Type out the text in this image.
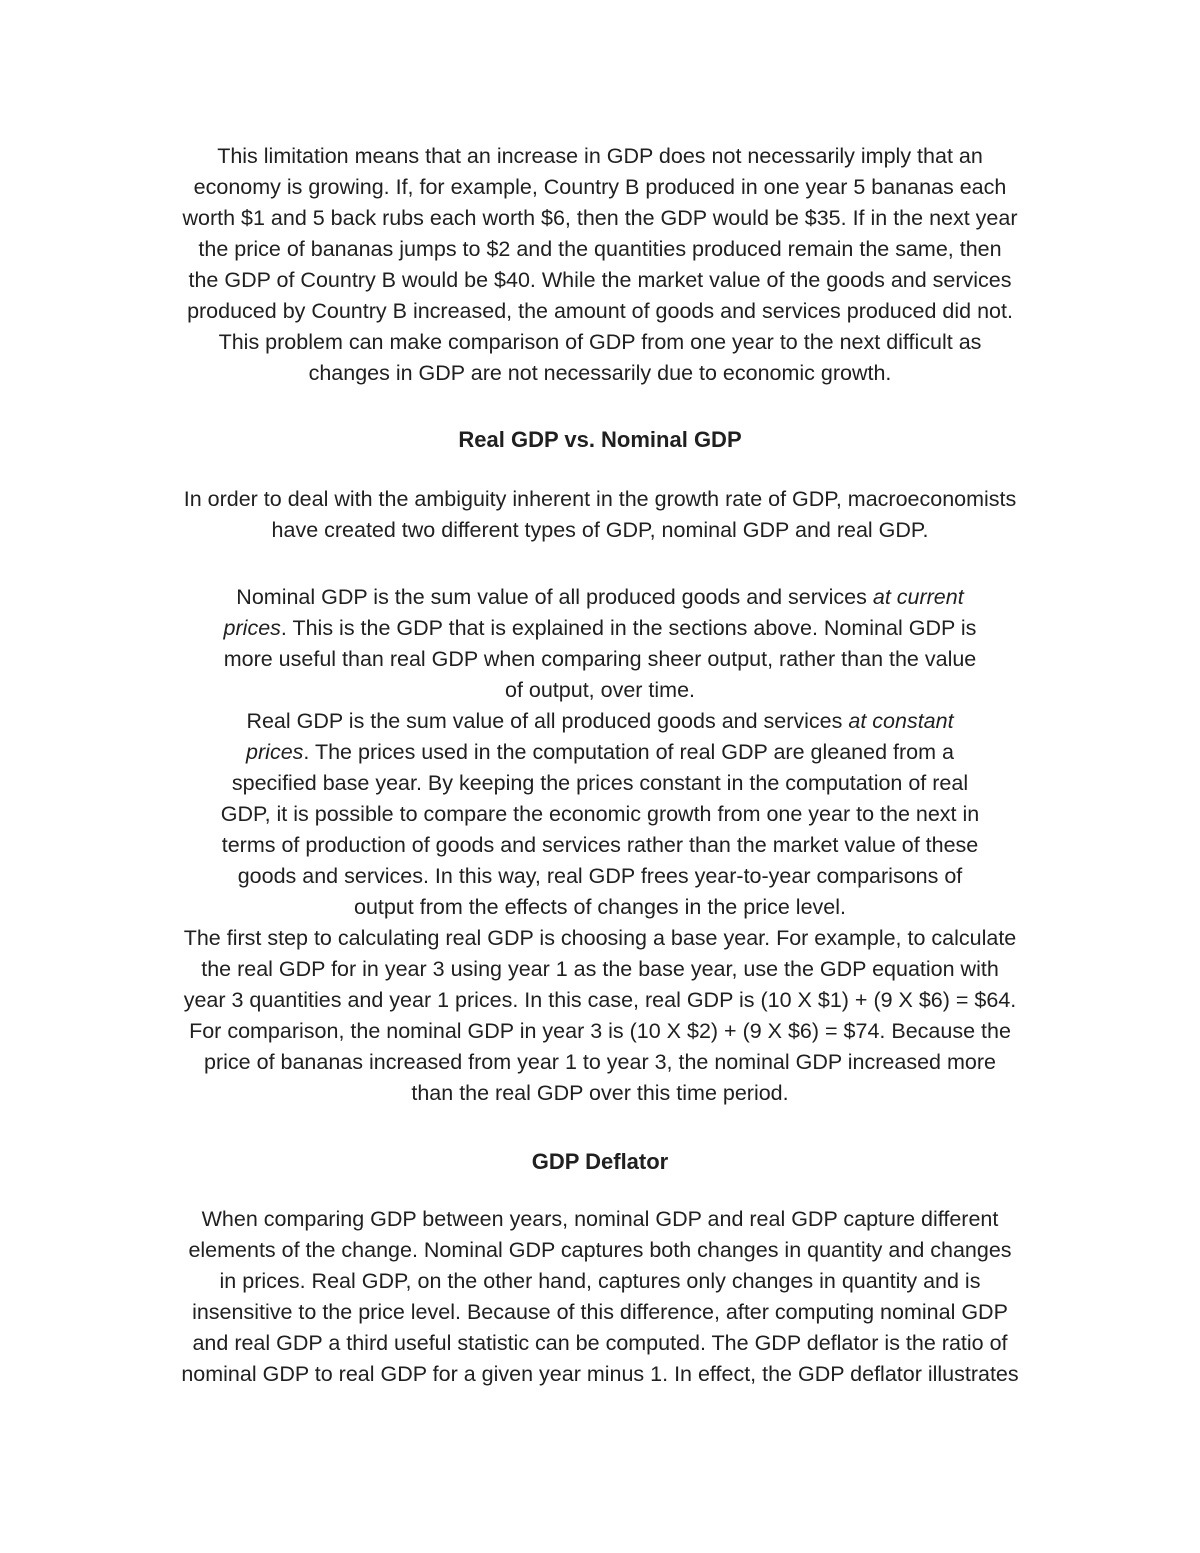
This limitation means that an increase in GDP does not necessarily imply that an
economy is growing. If, for example, Country B produced in one year 5 bananas each
worth $1 and 5 back rubs each worth $6, then the GDP would be $35. If in the next year
the price of bananas jumps to $2 and the quantities produced remain the same, then
the GDP of Country B would be $40. While the market value of the goods and services
produced by Country B increased, the amount of goods and services produced did not.
This problem can make comparison of GDP from one year to the next difficult as
changes in GDP are not necessarily due to economic growth.
Real GDP vs. Nominal GDP
In order to deal with the ambiguity inherent in the growth rate of GDP, macroeconomists
have created two different types of GDP, nominal GDP and real GDP.
Nominal GDP is the sum value of all produced goods and services at current
prices. This is the GDP that is explained in the sections above. Nominal GDP is
more useful than real GDP when comparing sheer output, rather than the value
of output, over time.
Real GDP is the sum value of all produced goods and services at constant
prices. The prices used in the computation of real GDP are gleaned from a
specified base year. By keeping the prices constant in the computation of real
GDP, it is possible to compare the economic growth from one year to the next in
terms of production of goods and services rather than the market value of these
goods and services. In this way, real GDP frees year-to-year comparisons of
output from the effects of changes in the price level.
The first step to calculating real GDP is choosing a base year. For example, to calculate
the real GDP for in year 3 using year 1 as the base year, use the GDP equation with
year 3 quantities and year 1 prices. In this case, real GDP is (10 X $1) + (9 X $6) = $64.
For comparison, the nominal GDP in year 3 is (10 X $2) + (9 X $6) = $74. Because the
price of bananas increased from year 1 to year 3, the nominal GDP increased more
than the real GDP over this time period.
GDP Deflator
When comparing GDP between years, nominal GDP and real GDP capture different
elements of the change. Nominal GDP captures both changes in quantity and changes
in prices. Real GDP, on the other hand, captures only changes in quantity and is
insensitive to the price level. Because of this difference, after computing nominal GDP
and real GDP a third useful statistic can be computed. The GDP deflator is the ratio of
nominal GDP to real GDP for a given year minus 1. In effect, the GDP deflator illustrates
